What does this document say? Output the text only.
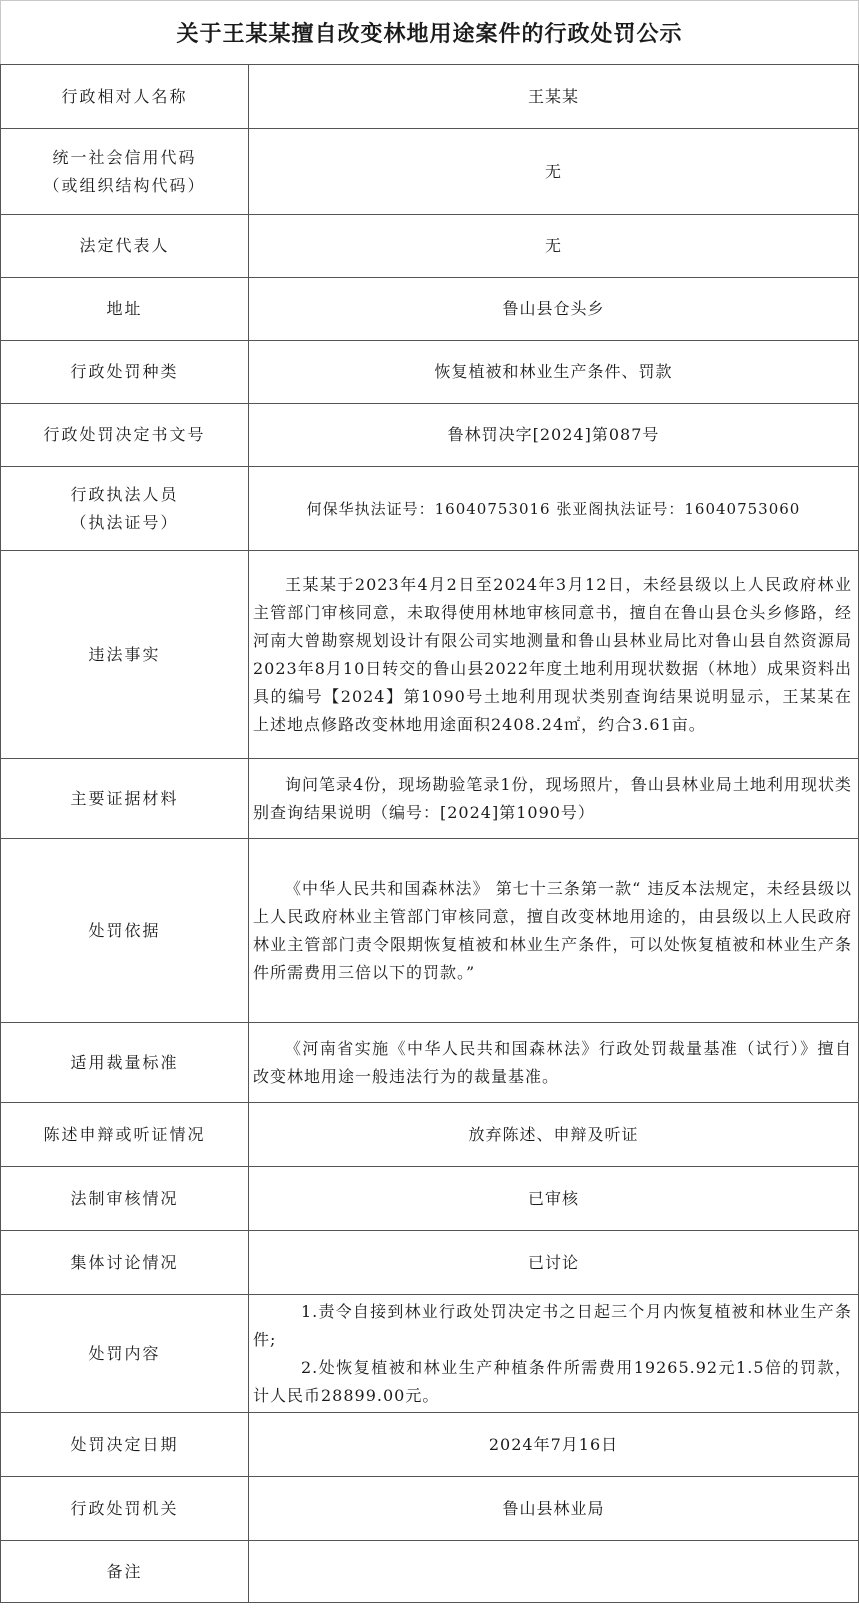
关于王某某擅自改变林地用途案件的行政处罚公示
行政相对人名称	王某某

统一社会信用代码
（或组织结构代码）	无
法定代表人	无
地址	鲁山县仓头乡
行政处罚种类	恢复植被和林业生产条件、罚款
行政处罚决定书文号	鲁林罚决字[2024]第087号

行政执法人员
（执法证号）	何保华执法证号：16040753016 张亚阁执法证号：16040753060
违法事实	王某某于2023年4月2日至2024年3月12日，未经县级以上人民政府林业主管部门审核同意，未取得使用林地审核同意书，擅自在鲁山县仓头乡修路，经河南大曾勘察规划设计有限公司实地测量和鲁山县林业局比对鲁山县自然资源局2023年8月10日转交的鲁山县2022年度土地利用现状数据（林地）成果资料出具的编号【2024】第1090号土地利用现状类别查询结果说明显示，王某某在上述地点修路改变林地用途面积2408.24㎡，约合3.61亩。

主要证据材料	询问笔录4份，现场勘验笔录1份，现场照片，鲁山县林业局土地利用现状类别查询结果说明（编号：[2024]第1090号）

处罚依据	《中华人民共和国森林法》 第七十三条第一款“ 违反本法规定，未经县级以上人民政府林业主管部门审核同意，擅自改变林地用途的，由县级以上人民政府林业主管部门责令限期恢复植被和林业生产条件，可以处恢复植被和林业生产条件所需费用三倍以下的罚款。”

适用裁量标准	《河南省实施《中华人民共和国森林法》行政处罚裁量基准（试行）》擅自改变林地用途一般违法行为的裁量基准。

陈述申辩或听证情况	放弃陈述、申辩及听证
法制审核情况	已审核
集体讨论情况	已讨论
处罚内容	1.责令自接到林业行政处罚决定书之日起三个月内恢复植被和林业生产条件;
2.处恢复植被和林业生产种植条件所需费用19265.92元1.5倍的罚款，计人民币28899.00元。

处罚决定日期	2024年7月16日
行政处罚机关	鲁山县林业局
备注	
